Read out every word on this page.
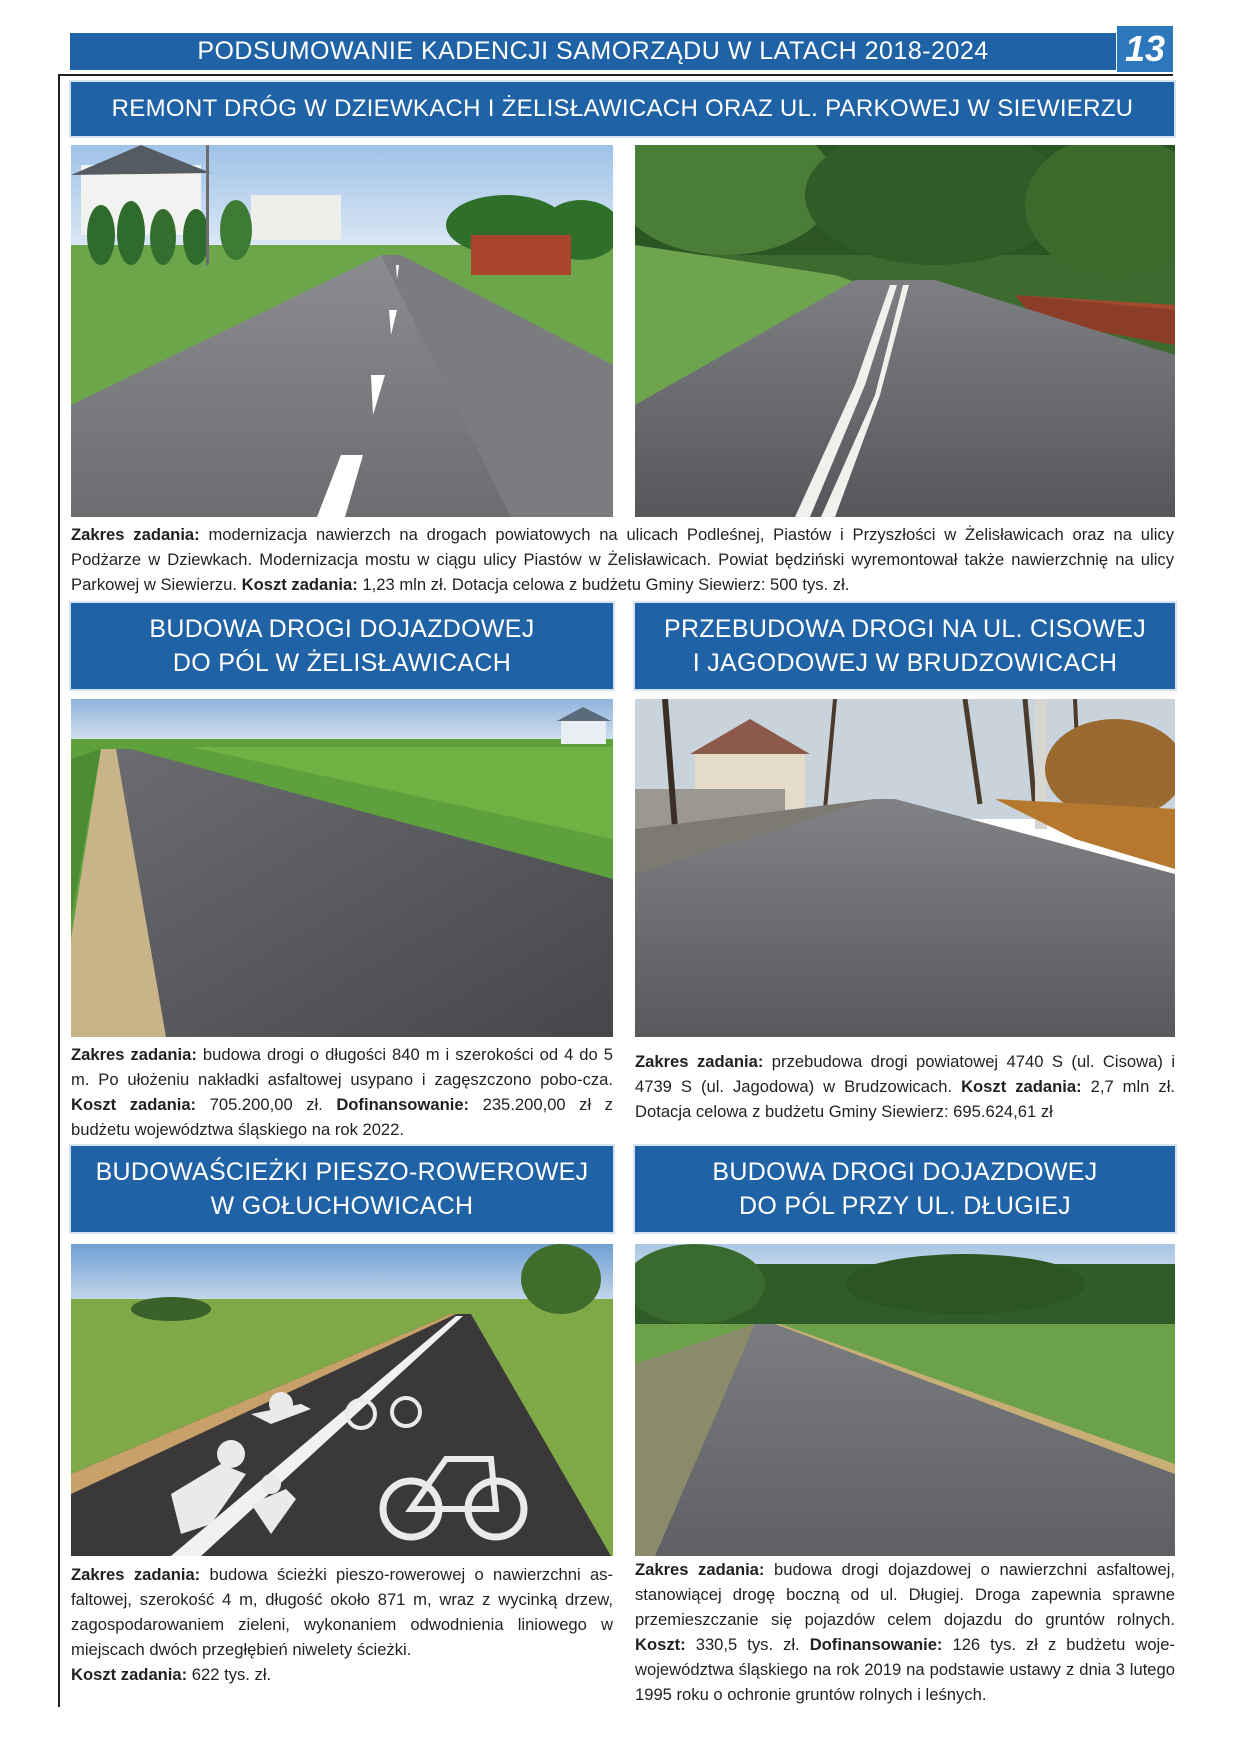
PODSUMOWANIE KADENCJI SAMORZĄDU W LATACH 2018-2024	13
REMONT DRÓG W DZIEWKACH I ŻELISŁAWICACH ORAZ UL. PARKOWEJ W SIEWIERZU

Zakres zadania: modernizacja nawierzch na drogach powiatowych na ulicach Podleśnej, Piastów i Przyszłości w Żelisławicach oraz na ulicy Podżarze w Dziewkach. Modernizacja mostu w ciągu ulicy Piastów w Żelisławicach. Powiat będziński wyremontował także nawierzchnię na ulicy Parkowej w Siewierzu. Koszt zadania: 1,23 mln zł. Dotacja celowa z budżetu Gminy Siewierz: 500 tys. zł.

BUDOWA DROGI DOJAZDOWEJ
DO PÓL W ŻELISŁAWICACH

Zakres zadania: budowa drogi o długości 840 m i szerokości od 4 do 5 m. Po ułożeniu nakładki asfaltowej usypano i zagęszczono pobo-cza. Koszt zadania: 705.200,00 zł. Dofinansowanie: 235.200,00 zł z budżetu województwa śląskiego na rok 2022.

PRZEBUDOWA DROGI NA UL. CISOWEJ
I JAGODOWEJ W BRUDZOWICACH

Zakres zadania: przebudowa drogi powiatowej 4740 S (ul. Cisowa) i 4739 S (ul. Jagodowa) w Brudzowicach. Koszt zadania: 2,7 mln zł. Dotacja celowa z budżetu Gminy Siewierz: 695.624,61 zł

BUDOWAŚCIEŻKI PIESZO-ROWEROWEJ
W GOŁUCHOWICACH

Zakres zadania: budowa ścieżki pieszo-rowerowej o nawierzchni as-faltowej, szerokość 4 m, długość około 871 m, wraz z wycinką drzew, zagospodarowaniem zieleni, wykonaniem odwodnienia liniowego w miejscach dwóch przegłębień niwelety ścieżki.
Koszt zadania: 622 tys. zł.

BUDOWA DROGI DOJAZDOWEJ
DO PÓL PRZY UL. DŁUGIEJ

Zakres zadania: budowa drogi dojazdowej o nawierzchni asfaltowej, stanowiącej drogę boczną od ul. Długiej. Droga zapewnia sprawne przemieszczanie się pojazdów celem dojazdu do gruntów rolnych. Koszt: 330,5 tys. zł. Dofinansowanie: 126 tys. zł z budżetu woje-województwa śląskiego na rok 2019 na podstawie ustawy z dnia 3 lutego 1995 roku o ochronie gruntów rolnych i leśnych.
